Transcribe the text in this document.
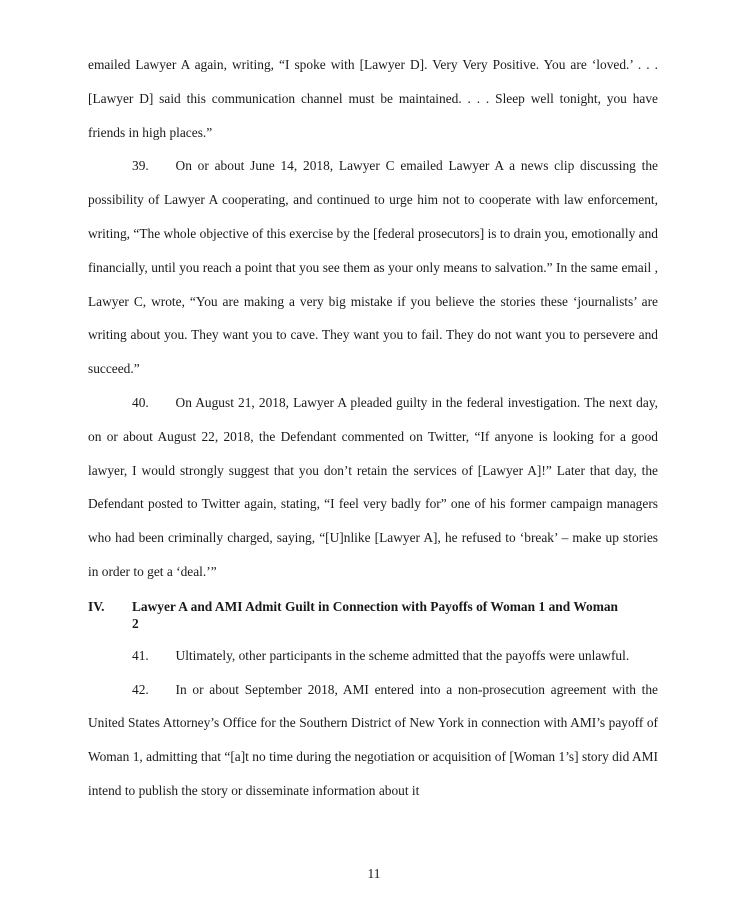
emailed Lawyer A again, writing, “I spoke with [Lawyer D]. Very Very Positive. You are ‘loved.’ . . . [Lawyer D] said this communication channel must be maintained. . . . Sleep well tonight, you have friends in high places.”

39.  On or about June 14, 2018, Lawyer C emailed Lawyer A a news clip discussing the possibility of Lawyer A cooperating, and continued to urge him not to cooperate with law enforcement, writing, “The whole objective of this exercise by the [federal prosecutors] is to drain you, emotionally and financially, until you reach a point that you see them as your only means to salvation.” In the same email , Lawyer C, wrote, “You are making a very big mistake if you believe the stories these ‘journalists’ are writing about you. They want you to cave. They want you to fail. They do not want you to persevere and succeed.”

40.  On August 21, 2018, Lawyer A pleaded guilty in the federal investigation. The next day, on or about August 22, 2018, the Defendant commented on Twitter, “If anyone is looking for a good lawyer, I would strongly suggest that you don’t retain the services of [Lawyer A]!” Later that day, the Defendant posted to Twitter again, stating, “I feel very badly for” one of his former campaign managers who had been criminally charged, saying, “[U]nlike [Lawyer A], he refused to ‘break’ – make up stories in order to get a ‘deal.’”

IV.	Lawyer A and AMI Admit Guilt in Connection with Payoffs of Woman 1 and Woman 2

41.  Ultimately, other participants in the scheme admitted that the payoffs were unlawful.

42.  In or about September 2018, AMI entered into a non-prosecution agreement with the United States Attorney’s Office for the Southern District of New York in connection with AMI’s payoff of Woman 1, admitting that “[a]t no time during the negotiation or acquisition of [Woman 1’s] story did AMI intend to publish the story or disseminate information about it

11
